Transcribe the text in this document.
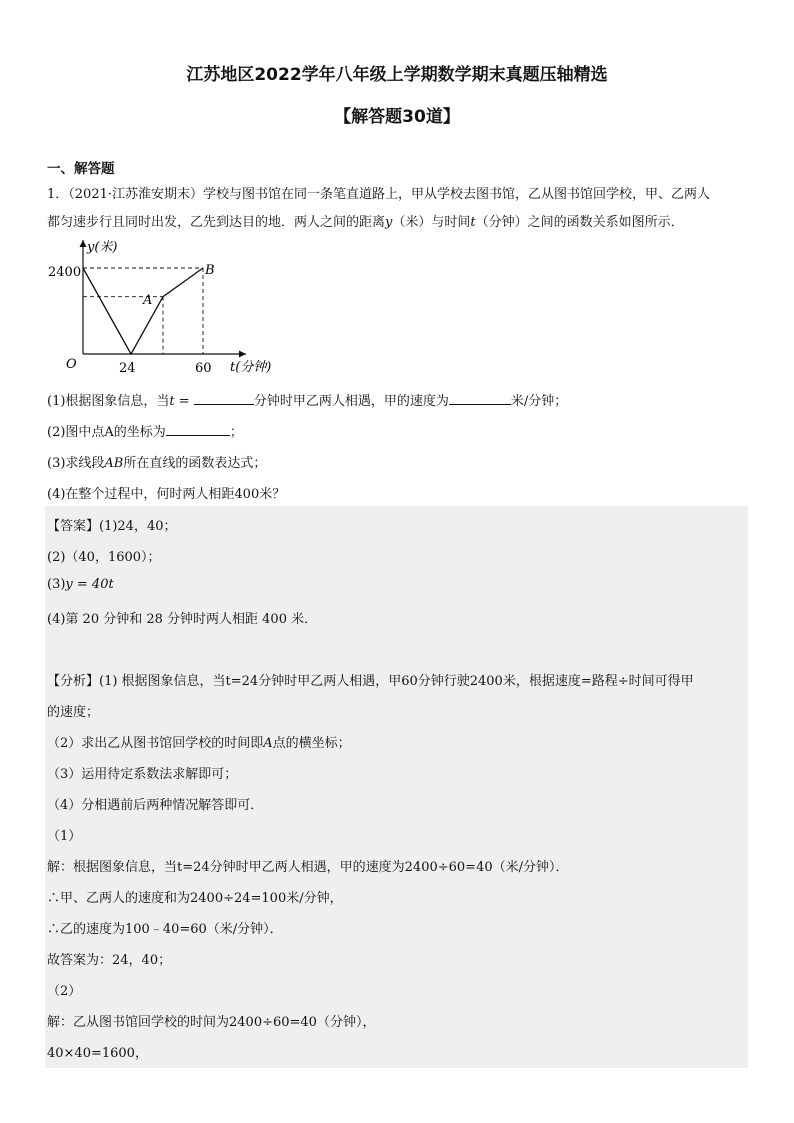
江苏地区2022学年八年级上学期数学期末真题压轴精选
【解答题30道】
一、解答题
1．（2021·江苏淮安期末）学校与图书馆在同一条笔直道路上，甲从学校去图书馆，乙从图书馆回学校，甲、乙两人
都匀速步行且同时出发，乙先到达目的地．两人之间的距离y（米）与时间t（分钟）之间的函数关系如图所示．
y(米)
t(分钟)
O
2400
24	60
A
B
(1)根据图象信息，当t =	分钟时甲乙两人相遇，甲的速度为	米/分钟；
(2)图中点A的坐标为	；
(3)求线段AB所在直线的函数表达式；
(4)在整个过程中，何时两人相距400米？
【答案】(1)24，40；
(2)（40，1600）；
(3)y = 40t
(4)第 20 分钟和 28 分钟时两人相距 400 米．
【分析】(1) 根据图象信息，当t=24分钟时甲乙两人相遇，甲60分钟行驶2400米，根据速度=路程÷时间可得甲
的速度；
（2）求出乙从图书馆回学校的时间即A点的横坐标；
（3）运用待定系数法求解即可；
（4）分相遇前后两种情况解答即可．
（1）
解：根据图象信息，当t=24分钟时甲乙两人相遇，甲的速度为2400÷60=40（米/分钟）．
∴甲、乙两人的速度和为2400÷24=100米/分钟，
∴乙的速度为100﹣40=60（米/分钟）．
故答案为：24，40；
（2）
解：乙从图书馆回学校的时间为2400÷60=40（分钟），
40×40=1600，
